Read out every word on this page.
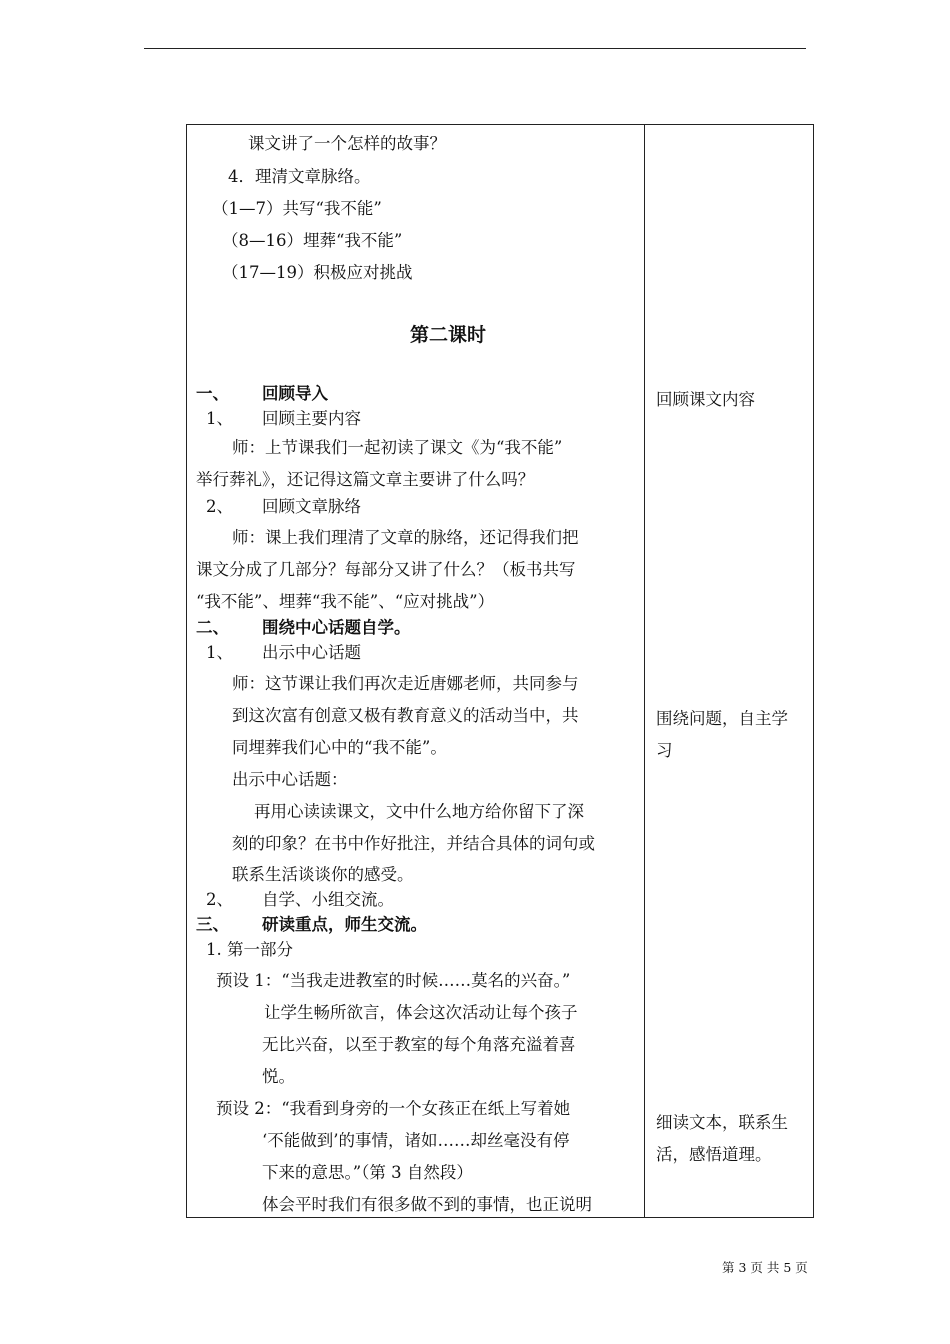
课文讲了一个怎样的故事？
4．理清文章脉络。
（1—7）共写“我不能”
（8—16）埋葬“我不能”
（17—19）积极应对挑战
第二课时
一、 回顾导入
1、 回顾主要内容
师：上节课我们一起初读了课文《为“我不能”
举行葬礼》，还记得这篇文章主要讲了什么吗？
2、 回顾文章脉络
师：课上我们理清了文章的脉络，还记得我们把
课文分成了几部分？每部分又讲了什么？（板书共写
“我不能”、埋葬“我不能”、“应对挑战”）
二、 围绕中心话题自学。
1、 出示中心话题
师：这节课让我们再次走近唐娜老师，共同参与
到这次富有创意又极有教育意义的活动当中，共
同埋葬我们心中的“我不能”。
出示中心话题：
再用心读读课文，文中什么地方给你留下了深
刻的印象？在书中作好批注，并结合具体的词句或
联系生活谈谈你的感受。
2、 自学、小组交流。
三、 研读重点，师生交流。
1. 第一部分
预设 1：“当我走进教室的时候……莫名的兴奋。”
让学生畅所欲言，体会这次活动让每个孩子
无比兴奋，以至于教室的每个角落充溢着喜
悦。
预设 2：“我看到身旁的一个女孩正在纸上写着她
‘不能做到’的事情，诸如……却丝毫没有停
下来的意思。”（第 3 自然段）
体会平时我们有很多做不到的事情，也正说明
回顾课文内容
围绕问题，自主学
习
细读文本，联系生
活，感悟道理。
第 3 页 共 5 页
